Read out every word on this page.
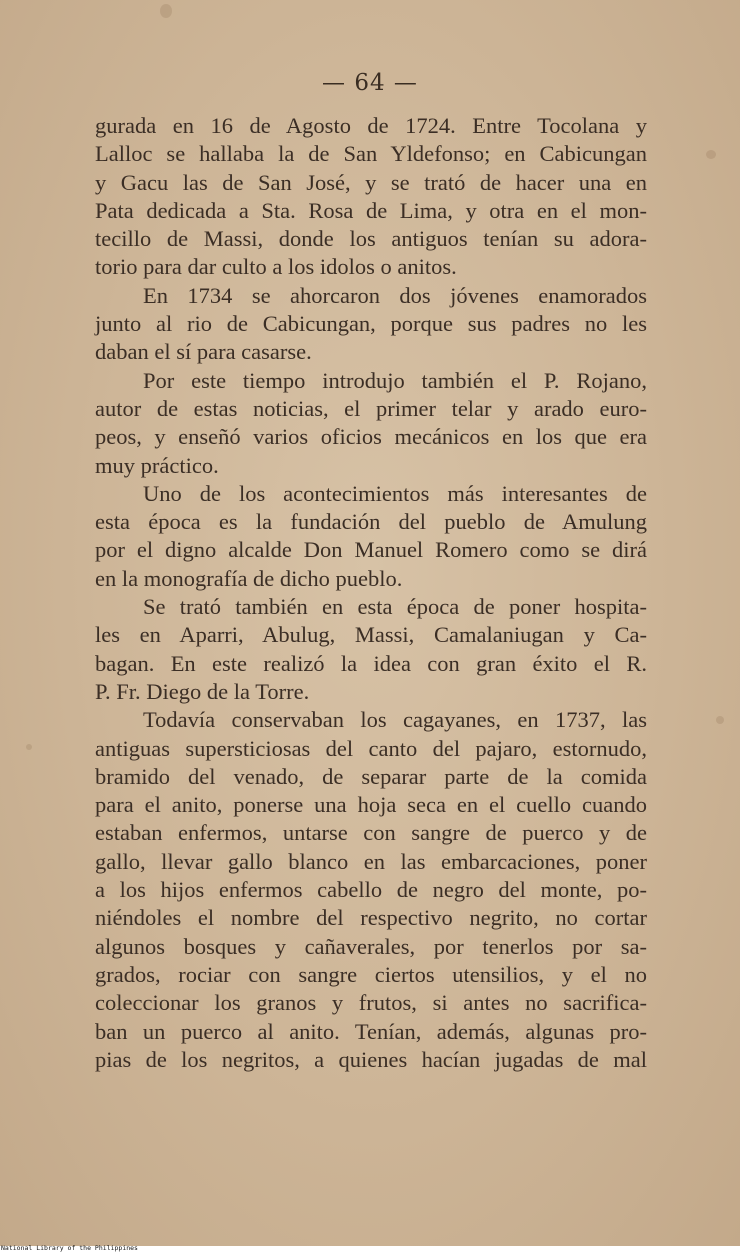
— 64 —
gurada en 16 de Agosto de 1724. Entre Tocolana y
Lalloc se hallaba la de San Yldefonso; en Cabicungan
y Gacu las de San José, y se trató de hacer una en
Pata dedicada a Sta. Rosa de Lima, y otra en el mon-
tecillo de Massi, donde los antiguos tenían su adora-
torio para dar culto a los idolos o anitos.
En 1734 se ahorcaron dos jóvenes enamorados
junto al rio de Cabicungan, porque sus padres no les
daban el sí para casarse.
Por este tiempo introdujo también el P. Rojano,
autor de estas noticias, el primer telar y arado euro-
peos, y enseñó varios oficios mecánicos en los que era
muy práctico.
Uno de los acontecimientos más interesantes de
esta época es la fundación del pueblo de Amulung
por el digno alcalde Don Manuel Romero como se dirá
en la monografía de dicho pueblo.
Se trató también en esta época de poner hospita-
les en Aparri, Abulug, Massi, Camalaniugan y Ca-
bagan. En este realizó la idea con gran éxito el R.
P. Fr. Diego de la Torre.
Todavía conservaban los cagayanes, en 1737, las
antiguas supersticiosas del canto del pajaro, estornudo,
bramido del venado, de separar parte de la comida
para el anito, ponerse una hoja seca en el cuello cuando
estaban enfermos, untarse con sangre de puerco y de
gallo, llevar gallo blanco en las embarcaciones, poner
a los hijos enfermos cabello de negro del monte, po-
niéndoles el nombre del respectivo negrito, no cortar
algunos bosques y cañaverales, por tenerlos por sa-
grados, rociar con sangre ciertos utensilios, y el no
coleccionar los granos y frutos, si antes no sacrifica-
ban un puerco al anito. Tenían, además, algunas pro-
pias de los negritos, a quienes hacían jugadas de mal
National Library of the Philippines
